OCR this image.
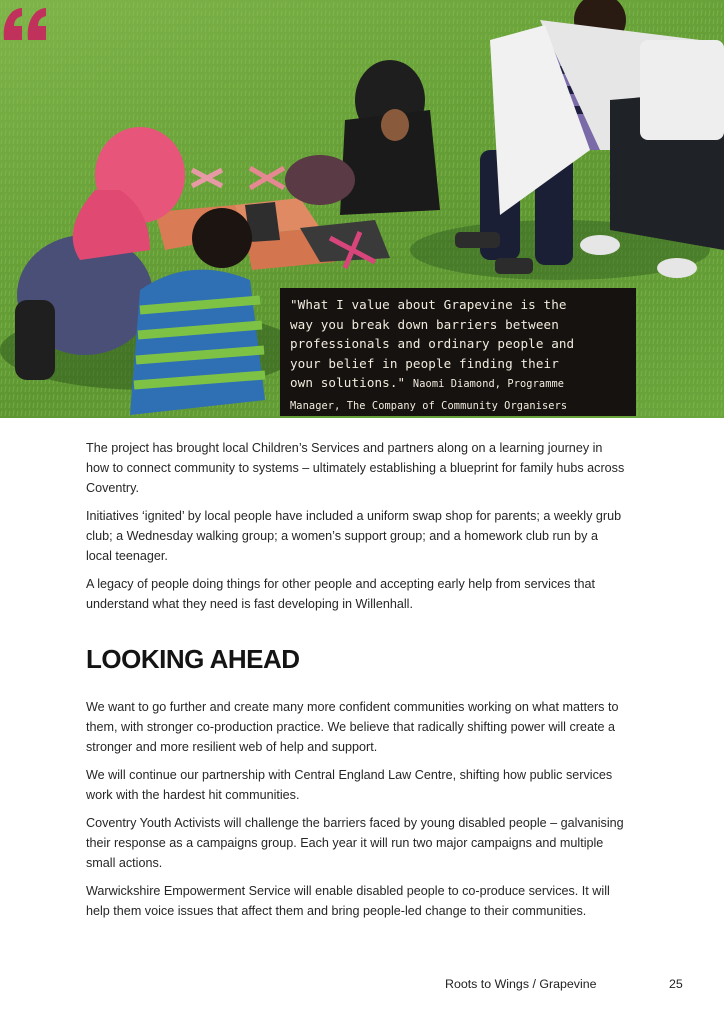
"What I value about Grapevine is the
way you break down barriers between
professionals and ordinary people and
your belief in people finding their
own solutions." Naomi Diamond, Programme
Manager, The Company of Community Organisers

The project has brought local Children’s Services and partners along on a learning journey in how to connect community to systems – ultimately establishing a blueprint for family hubs across Coventry.

Initiatives ‘ignited’ by local people have included a uniform swap shop for parents; a weekly grub club; a Wednesday walking group; a women’s support group; and a homework club run by a local teenager.

A legacy of people doing things for other people and accepting early help from services that understand what they need is fast developing in Willenhall.

LOOKING AHEAD

We want to go further and create many more confident communities working on what matters to them, with stronger co-production practice. We believe that radically shifting power will create a stronger and more resilient web of help and support.

We will continue our partnership with Central England Law Centre, shifting how public services work with the hardest hit communities.

Coventry Youth Activists will challenge the barriers faced by young disabled people – galvanising their response as a campaigns group. Each year it will run two major campaigns and multiple small actions.

Warwickshire Empowerment Service will enable disabled people to co-produce services. It will help them voice issues that affect them and bring people-led change to their communities.

Roots to Wings / Grapevine	25
